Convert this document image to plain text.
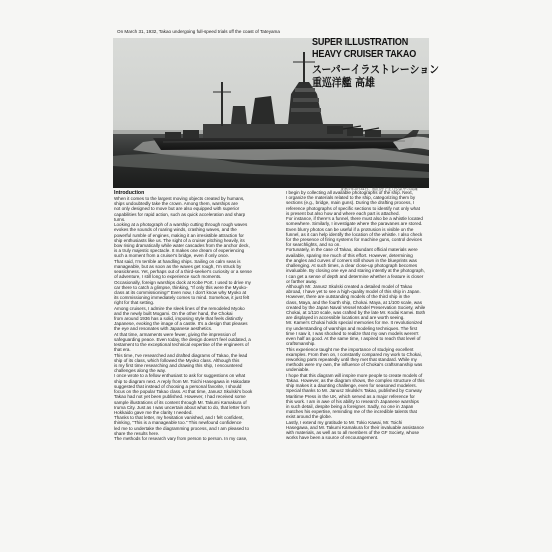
On March 31, 1932, Takao undergoing full-speed trials off the coast of Tateyama
SUPER ILLUSTRATION
HEAVY CRUISER TAKAO
スーパーイラストレーション
重巡洋艦 高雄
昭和7年3月31日、館山沖で全力公試中の高雄
Introduction
When it comes to the largest moving objects created by humans,
ships undoubtedly take the crown. Among them, warships are
not only designed to move but are also equipped with superior
capabilities for rapid action, such as quick acceleration and sharp
turns.
Looking at a photograph of a warship cutting through rough waves
evokes the sounds of roaring winds, crashing waves, and the
powerful rumble of engines, making it an irresistible attraction for
ship enthusiasts like us. The sight of a cruiser pitching heavily, its
bow rising dramatically while water cascades from the anchor deck,
is a truly majestic spectacle. It makes one dream of experiencing
such a moment from a cruiser's bridge, even if only once.
That said, I'm terrible at handling ships. Sailing on calm seas is
manageable, but as soon as the waves get rough, I'm struck by
seasickness. Yet, perhaps out of a third-seeker's curiosity or a sense
of adventure, I still long to experience such moments.
Occasionally, foreign warships dock at Kobe Port. I used to drive my
car there to catch a glimpse, thinking, "If only this were the Myoko-
class at its commissioning!" Even now, I don't know why Myoko at
its commissioning immediately comes to mind. Somehow, it just felt
right for that setting.
Among cruisers, I admire the sleek lines of the remodeled Myoko
and the newly built Mogami. On the other hand, the Chokai
from around 1936 has a solid, imposing style that feels distinctly
Japanese, evoking the image of a castle. It's a design that pleases
the eye and resonates with Japanese aesthetics.
At that time, armaments were fewer, giving the impression of
safeguarding peace. Even today, the design doesn't feel outdated, a
testament to the exceptional technical expertise of the engineers of
that era.
This time, I've researched and drafted diagrams of Takao, the lead
ship of its class, which followed the Myoko class. Although this
is my first time researching and drawing this ship, I encountered
challenges along the way.
I once wrote to a fellow enthusiast to ask for suggestions on what
ship to diagram next. A reply from Mr. Toichi Hasegawa in Hakodate
suggested that instead of choosing a personal favorite, I should
focus on the popular Takao class. At that time, Janusz Skulski's book
Takao had not yet been published. However, I had received some
sample illustrations of its content through Mr. Takumi Kamakura of
Iruma City. Just as I was uncertain about what to do, that letter from
Hokkaido gave me the clarity I needed.
Thanks to that letter, my hesitation vanished, and I felt confident,
thinking, "This is a manageable too." This newfound confidence
led me to undertake the diagramming process, and I am pleased to
share the results here.
The methods for research vary from person to person. In my case,
I begin by collecting all available photographs of the ship. Next,
I organize the materials related to the ship, categorizing them by
sections (e.g., bridge, main guns). During the drafting process, I
reference photographs of specific sections to identify not only what
is present but also how and where each part is attached.
For instance, if there's a funnel, there must also be a whistle located
somewhere. Similarly, I investigate where the paravanes are stored.
Even blurry photos can be useful if a protrusion is visible on the
funnel, as it can help identify the location of the whistle. I also check
for the presence of firing systems for machine guns, control devices
for searchlights, and so on.
Fortunately, in the case of Takao, abundant official materials were
available, sparing me much of this effort. However, determining
the angles and curves of corners still shown in the blueprints was
challenging. At such times, a clear close-up photograph becomes
invaluable. By closing one eye and staring intently at the photograph,
I can get a sense of depth and determine whether a feature is closer
or farther away.
Although Mr. Janusz Skulski created a detailed model of Takao
abroad, I have yet to see a high-quality model of this ship in Japan.
However, there are outstanding models of the third ship in the
class, Maya, and the fourth ship, Chokai. Maya, at 1/100 scale, was
created by the Japan Naval Vessel Model Preservation Society, while
Chokai, at 1/110 scale, was crafted by the late Mr. Kodai Kamei. Both
are displayed in accessible locations and are worth seeing.
Mr. Kamei's Chokai holds special memories for me. It revolutionized
my understanding of warships and modeling techniques. The first
time I saw it, I was shocked to realize that my own models weren't
even half as good. At the same time, I aspired to reach that level of
craftsmanship.
This experience taught me the importance of studying excellent
examples. From then on, I constantly compared my work to Chokai,
reworking parts repeatedly until they met that standard. While my
methods were my own, the influence of Chokai's craftsmanship was
undeniable.
I hope that this diagram will inspire more people to create models of
Takao. However, as the diagram shows, the complex structure of this
ship makes it a daunting challenge, even for seasoned modelers.
Special thanks to Mr. Janusz Skulski's Takao, published by Conway
Maritime Press in the UK, which served as a major reference for
this work. I am in awe of his ability to research Japanese warships
in such detail, despite being a foreigner. Sadly, no one in Japan
matches his expertise, reminding me of the incredible talents that
exist around the globe.
Lastly, I extend my gratitude to Mr. Tokio Kawai, Mr. Toichi
Hasegawa, and Mr. Takumi Kamakura for their invaluable assistance
with materials, as well as to all members of the GF Society, whose
works have been a source of encouragement.
